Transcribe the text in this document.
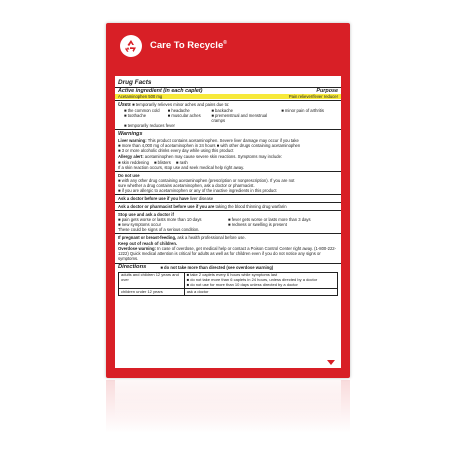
Care To Recycle®
Drug Facts
Active ingredient (in each caplet)	Purpose
Acetaminophen 500 mg	Pain reliever/fever reducer
Uses ■ temporarily relieves minor aches and pains due to:
■ the common cold
■ toothache
■ headache
■ muscular aches
■ backache
■ premenstrual and menstrual cramps
■ minor pain of arthritis
■ temporarily reduces fever
Warnings

Liver warning: This product contains acetaminophen. Severe liver damage may occur if you take

■ more than 4,000 mg of acetaminophen in 24 hours ■ with other drugs containing acetaminophen
■ 3 or more alcoholic drinks every day while using this product

Allergy alert: acetaminophen may cause severe skin reactions. Symptoms may include:

■ skin reddening ■ blisters ■ rash
If a skin reaction occurs, stop use and seek medical help right away.
Do not use
■ with any other drug containing acetaminophen (prescription or nonprescription). If you are not
sure whether a drug contains acetaminophen, ask a doctor or pharmacist.
■ if you are allergic to acetaminophen or any of the inactive ingredients in this product
Ask a doctor before use if you have liver disease
Ask a doctor or pharmacist before use if you are taking the blood thinning drug warfarin
Stop use and ask a doctor if
■ pain gets worse or lasts more than 10 days
■ new symptoms occur
■ fever gets worse or lasts more than 3 days
■ redness or swelling is present
These could be signs of a serious condition.

If pregnant or breast-feeding, ask a health professional before use.

Keep out of reach of children.

Overdose warning: In case of overdose, get medical help or contact a Poison Control Center right away. (1-800-222-1222) Quick medical attention is critical for adults as well as for children even if you do not notice any signs or symptoms.

Directions	■ do not take more than directed (see overdose warning)
adults and children 12 years and over	■ take 2 caplets every 6 hours while symptoms last
■ do not take more than 6 caplets in 24 hours, unless directed by a doctor
■ do not use for more than 10 days unless directed by a doctor

children under 12 years	ask a doctor
